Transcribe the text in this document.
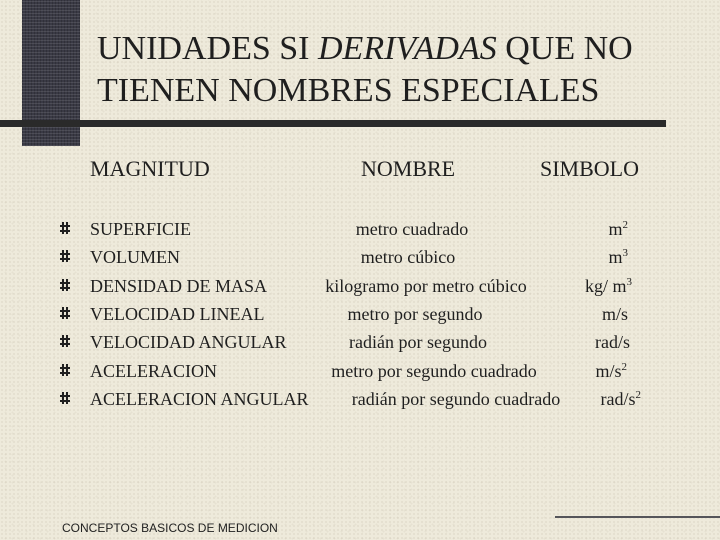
UNIDADES SI DERIVADAS QUE NO
TIENEN NOMBRES ESPECIALES
MAGNITUD	NOMBRE	SIMBOLO
SUPERFICIE	metro cuadrado	$m^2$
VOLUMEN	metro cúbico	$m^3$
DENSIDAD DE MASA	kilogramo por metro cúbico	kg/ $m^3$
VELOCIDAD LINEAL	metro por segundo	m/s
VELOCIDAD ANGULAR	radián por segundo	rad/s
ACELERACION	metro por segundo cuadrado	$m/s^2$
ACELERACION ANGULAR	radián por segundo cuadrado	rad/$s^2$
CONCEPTOS BASICOS DE MEDICION
